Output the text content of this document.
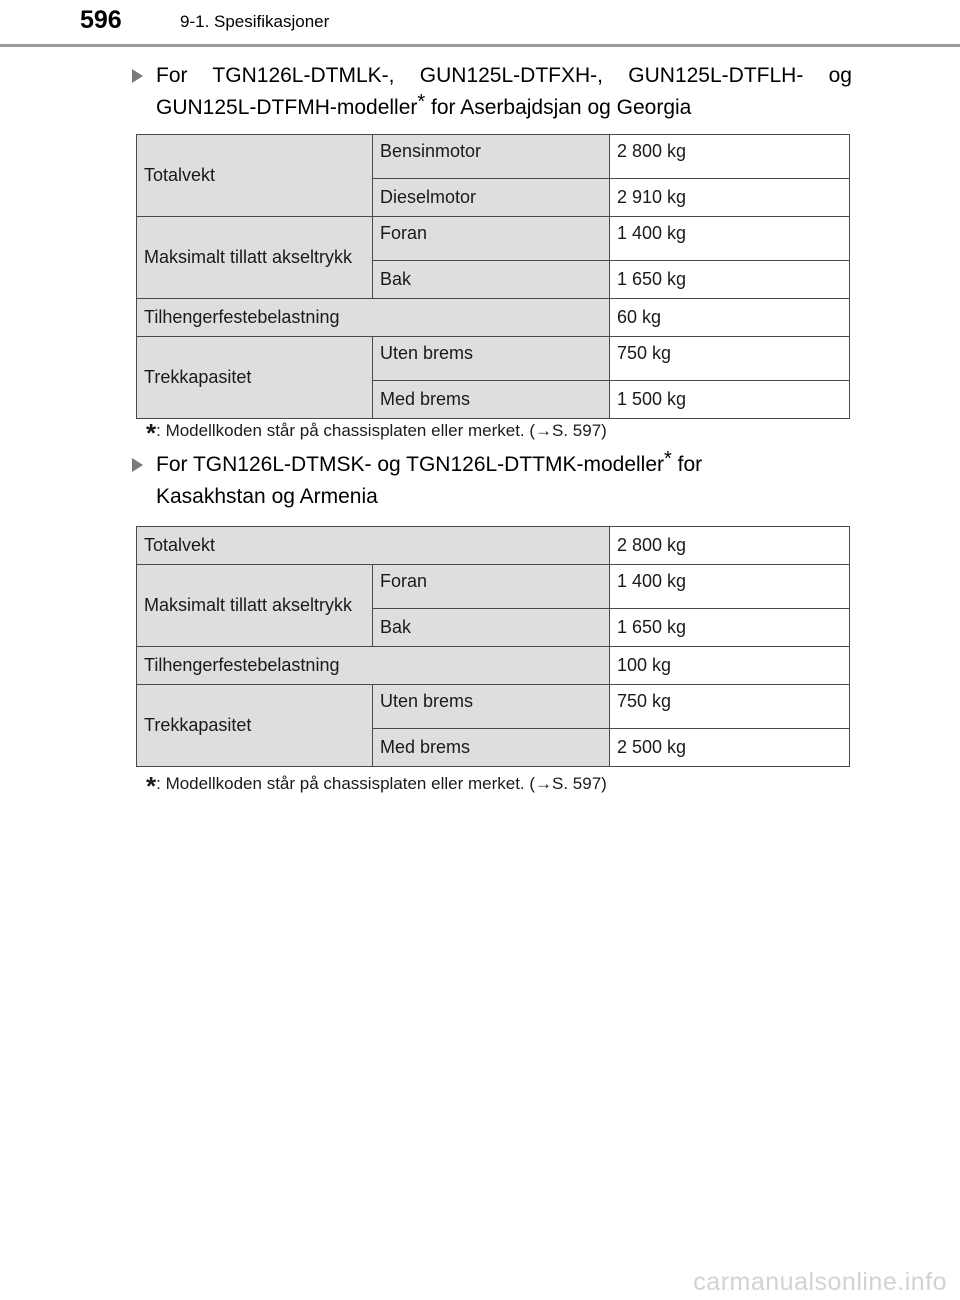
596	9-1. Spesifikasjoner
For TGN126L-DTMLK-, GUN125L-DTFXH-, GUN125L-DTFLH- og
GUN125L-DTFMH-modeller* for Aserbajdsjan og Georgia
Totalvekt	Bensinmotor	2 800 kg
	Dieselmotor	2 910 kg
Maksimalt tillatt akseltrykk	Foran	1 400 kg
	Bak	1 650 kg
Tilhengerfestebelastning		60 kg
Trekkapasitet	Uten brems	750 kg
	Med brems	1 500 kg
*: Modellkoden står på chassisplaten eller merket. (→S. 597)
For TGN126L-DTMSK- og TGN126L-DTTMK-modeller* for
Kasakhstan og Armenia
Totalvekt		2 800 kg
Maksimalt tillatt akseltrykk	Foran	1 400 kg
	Bak	1 650 kg
Tilhengerfestebelastning		100 kg
Trekkapasitet	Uten brems	750 kg
	Med brems	2 500 kg
*: Modellkoden står på chassisplaten eller merket. (→S. 597)
carmanualsonline.info
